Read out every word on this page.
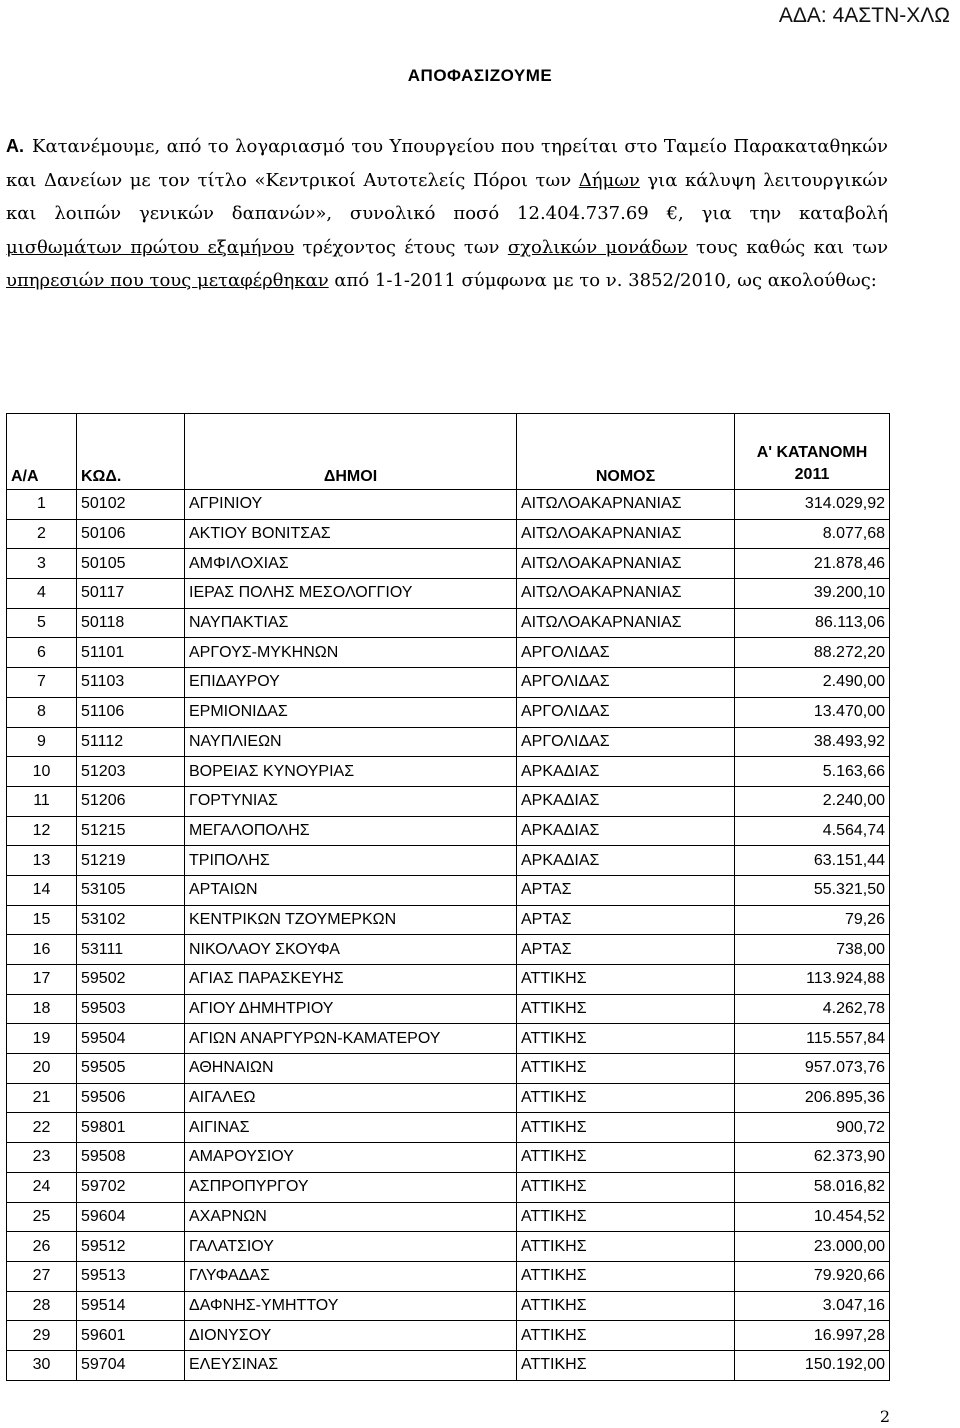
ΑΔΑ: 4ΑΣΤΝ-ΧΛΩ
ΑΠΟΦΑΣΙΖΟΥΜΕ
Α. Κατανέμουμε, από το λογαριασμό του Υπουργείου που τηρείται στο Ταμείο Παρακαταθηκών και Δανείων με τον τίτλο «Κεντρικοί Αυτοτελείς Πόροι των Δήμων για κάλυψη λειτουργικών και λοιπών γενικών δαπανών», συνολικό ποσό 12.404.737.69 €, για την καταβολή μισθωμάτων πρώτου εξαμήνου τρέχοντος έτους των σχολικών μονάδων τους καθώς και των υπηρεσιών που τους μεταφέρθηκαν από 1-1-2011 σύμφωνα με το ν. 3852/2010, ως ακολούθως:
Α/Α	ΚΩΔ.	ΔΗΜΟΙ	ΝΟΜΟΣ	Α' ΚΑΤΑΝΟΜΗ
2011
1	50102	ΑΓΡΙΝΙΟΥ	ΑΙΤΩΛΟΑΚΑΡΝΑΝΙΑΣ	314.029,92
2	50106	ΑΚΤΙΟΥ ΒΟΝΙΤΣΑΣ	ΑΙΤΩΛΟΑΚΑΡΝΑΝΙΑΣ	8.077,68
3	50105	ΑΜΦΙΛΟΧΙΑΣ	ΑΙΤΩΛΟΑΚΑΡΝΑΝΙΑΣ	21.878,46
4	50117	ΙΕΡΑΣ ΠΟΛΗΣ ΜΕΣΟΛΟΓΓΙΟΥ	ΑΙΤΩΛΟΑΚΑΡΝΑΝΙΑΣ	39.200,10
5	50118	ΝΑΥΠΑΚΤΙΑΣ	ΑΙΤΩΛΟΑΚΑΡΝΑΝΙΑΣ	86.113,06
6	51101	ΑΡΓΟΥΣ-ΜΥΚΗΝΩΝ	ΑΡΓΟΛΙΔΑΣ	88.272,20
7	51103	ΕΠΙΔΑΥΡΟΥ	ΑΡΓΟΛΙΔΑΣ	2.490,00
8	51106	ΕΡΜΙΟΝΙΔΑΣ	ΑΡΓΟΛΙΔΑΣ	13.470,00
9	51112	ΝΑΥΠΛΙΕΩΝ	ΑΡΓΟΛΙΔΑΣ	38.493,92
10	51203	ΒΟΡΕΙΑΣ ΚΥΝΟΥΡΙΑΣ	ΑΡΚΑΔΙΑΣ	5.163,66
11	51206	ΓΟΡΤΥΝΙΑΣ	ΑΡΚΑΔΙΑΣ	2.240,00
12	51215	ΜΕΓΑΛΟΠΟΛΗΣ	ΑΡΚΑΔΙΑΣ	4.564,74
13	51219	ΤΡΙΠΟΛΗΣ	ΑΡΚΑΔΙΑΣ	63.151,44
14	53105	ΑΡΤΑΙΩΝ	ΑΡΤΑΣ	55.321,50
15	53102	ΚΕΝΤΡΙΚΩΝ ΤΖΟΥΜΕΡΚΩΝ	ΑΡΤΑΣ	79,26
16	53111	ΝΙΚΟΛΑΟΥ ΣΚΟΥΦΑ	ΑΡΤΑΣ	738,00
17	59502	ΑΓΙΑΣ ΠΑΡΑΣΚΕΥΗΣ	ΑΤΤΙΚΗΣ	113.924,88
18	59503	ΑΓΙΟΥ ΔΗΜΗΤΡΙΟΥ	ΑΤΤΙΚΗΣ	4.262,78
19	59504	ΑΓΙΩΝ ΑΝΑΡΓΥΡΩΝ-ΚΑΜΑΤΕΡΟΥ	ΑΤΤΙΚΗΣ	115.557,84
20	59505	ΑΘΗΝΑΙΩΝ	ΑΤΤΙΚΗΣ	957.073,76
21	59506	ΑΙΓΑΛΕΩ	ΑΤΤΙΚΗΣ	206.895,36
22	59801	ΑΙΓΙΝΑΣ	ΑΤΤΙΚΗΣ	900,72
23	59508	ΑΜΑΡΟΥΣΙΟΥ	ΑΤΤΙΚΗΣ	62.373,90
24	59702	ΑΣΠΡΟΠΥΡΓΟΥ	ΑΤΤΙΚΗΣ	58.016,82
25	59604	ΑΧΑΡΝΩΝ	ΑΤΤΙΚΗΣ	10.454,52
26	59512	ΓΑΛΑΤΣΙΟΥ	ΑΤΤΙΚΗΣ	23.000,00
27	59513	ΓΛΥΦΑΔΑΣ	ΑΤΤΙΚΗΣ	79.920,66
28	59514	ΔΑΦΝΗΣ-ΥΜΗΤΤΟΥ	ΑΤΤΙΚΗΣ	3.047,16
29	59601	ΔΙΟΝΥΣΟΥ	ΑΤΤΙΚΗΣ	16.997,28
30	59704	ΕΛΕΥΣΙΝΑΣ	ΑΤΤΙΚΗΣ	150.192,00
2
